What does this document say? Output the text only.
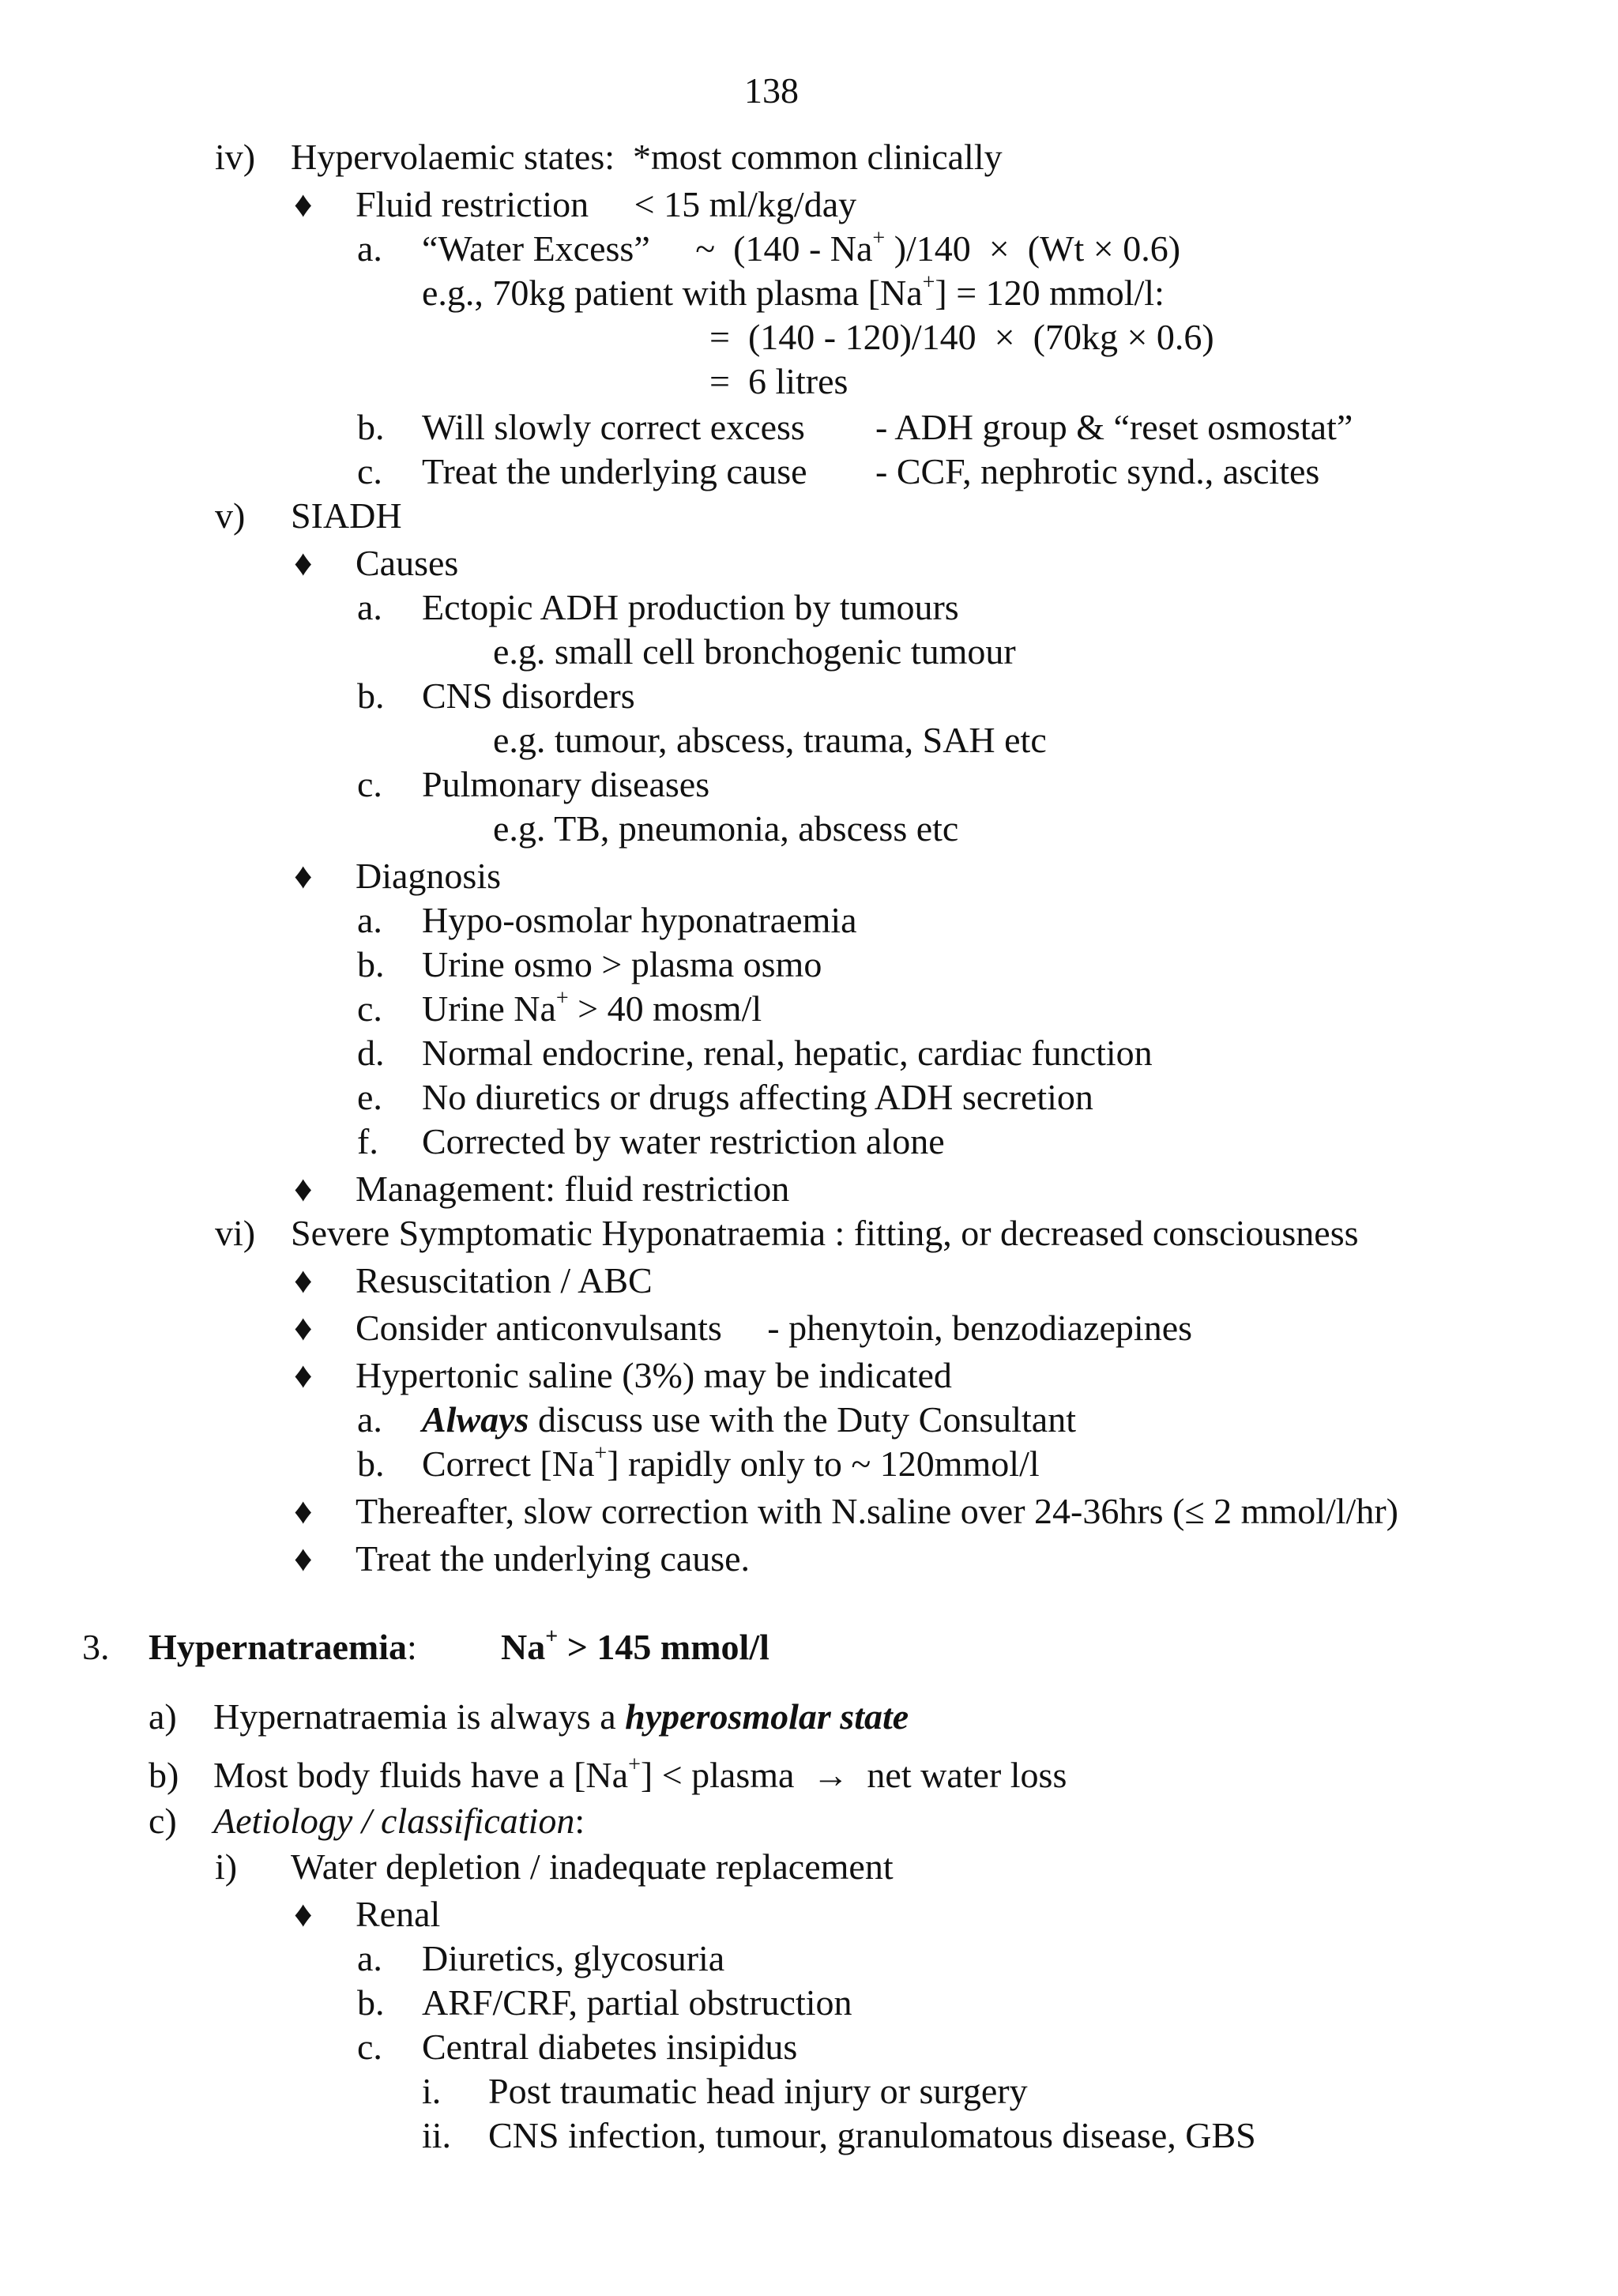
138
iv) Hypervolaemic states:  *most common clinically
♦ Fluid restriction     < 15 ml/kg/day
a. “Water Excess”     ~  (140 - Na+ )/140  ×  (Wt × 0.6)
e.g., 70kg patient with plasma [Na+] = 120 mmol/l:
=  (140 - 120)/140  ×  (70kg × 0.6)
=  6 litres
b. Will slowly correct excess - ADH group & “reset osmostat”
c. Treat the underlying cause - CCF, nephrotic synd., ascites
v) SIADH
♦ Causes
a. Ectopic ADH production by tumours
e.g. small cell bronchogenic tumour
b. CNS disorders
e.g. tumour, abscess, trauma, SAH etc
c. Pulmonary diseases
e.g. TB, pneumonia, abscess etc
♦ Diagnosis
a. Hypo-osmolar hyponatraemia
b. Urine osmo > plasma osmo
c. Urine Na+ > 40 mosm/l
d. Normal endocrine, renal, hepatic, cardiac function
e. No diuretics or drugs affecting ADH secretion
f. Corrected by water restriction alone
♦ Management: fluid restriction
vi) Severe Symptomatic Hyponatraemia : fitting, or decreased consciousness
♦ Resuscitation / ABC
♦ Consider anticonvulsants     - phenytoin, benzodiazepines
♦ Hypertonic saline (3%) may be indicated
a. Always discuss use with the Duty Consultant
b. Correct [Na+] rapidly only to ~ 120mmol/l
♦ Thereafter, slow correction with N.saline over 24-36hrs (≤ 2 mmol/l/hr)
♦ Treat the underlying cause.
3. Hypernatraemia: Na+ > 145 mmol/l
a) Hypernatraemia is always a hyperosmolar state
b) Most body fluids have a [Na+] < plasma  →  net water loss
c) Aetiology / classification:
i) Water depletion / inadequate replacement
♦ Renal
a. Diuretics, glycosuria
b. ARF/CRF, partial obstruction
c. Central diabetes insipidus
i. Post traumatic head injury or surgery
ii. CNS infection, tumour, granulomatous disease, GBS
